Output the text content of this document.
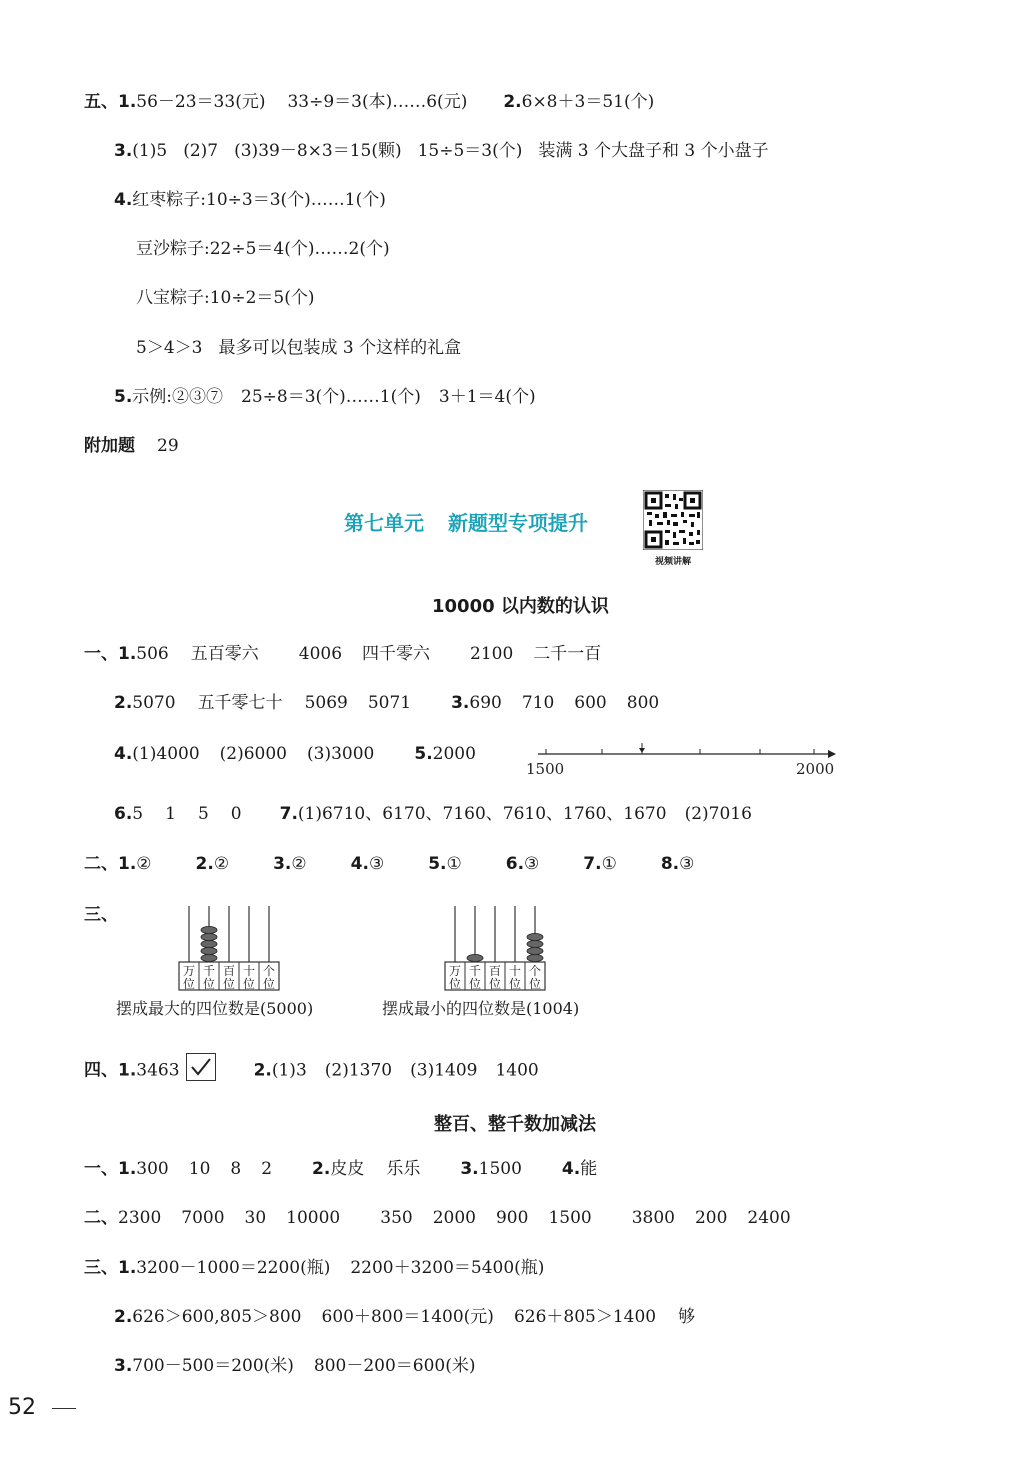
五、1.56－23＝33(元) 33÷9＝3(本)……6(元) 2.6×8＋3＝51(个)
3.(1)5 (2)7 (3)39－8×3＝15(颗) 15÷5＝3(个) 装满 3 个大盘子和 3 个小盘子
4.红枣粽子:10÷3＝3(个)……1(个)
豆沙粽子:22÷5＝4(个)……2(个)
八宝粽子:10÷2＝5(个)
5＞4＞3 最多可以包装成 3 个这样的礼盒
5.示例:②③⑦ 25÷8＝3(个)……1(个) 3＋1＝4(个)
附加题 29
第七单元 新题型专项提升
视频讲解
10000 以内数的认识
一、1.506 五百零六 4006 四千零六 2100 二千一百
2.5070 五千零七十 5069 5071 3.690 710 600 800
4.(1)4000 (2)6000 (3)3000 5.2000
1500	2000
6.5 1 5 0 7.(1)6710、6170、7160、7610、1760、1670 (2)7016
二、1.②	2.②	3.②	4.③	5.①	6.③	7.①	8.③
三、
万
位
千
位
百
位
十
位
个
位
摆成最大的四位数是(5000)
万
位
千
位
百
位
十
位
个
位
摆成最小的四位数是(1004)
四、1.3463	2.(1)3 (2)1370 (3)1409 1400
整百、整千数加减法
一、1.300 10 8 2 2.皮皮 乐乐 3.1500 4.能
二、2300 7000 30 10000 350 2000 900 1500 3800 200 2400
三、1.3200－1000＝2200(瓶) 2200＋3200＝5400(瓶)
2.626＞600,805＞800 600＋800＝1400(元) 626＋805＞1400 够
3.700－500＝200(米) 800－200＝600(米)
52
